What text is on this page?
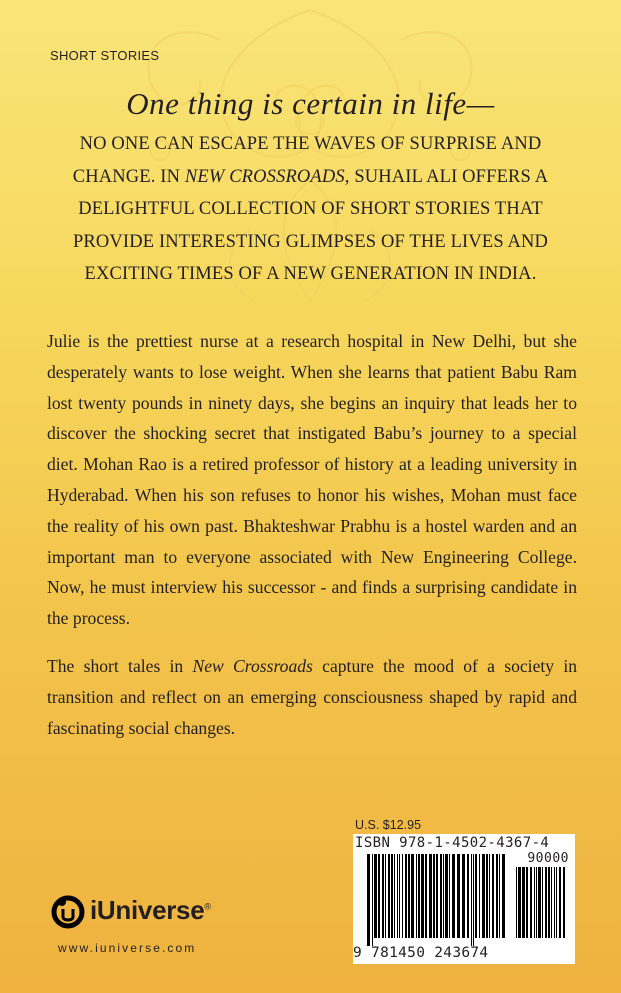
SHORT STORIES
One thing is certain in life—
NO ONE CAN ESCAPE THE WAVES OF SURPRISE AND CHANGE. IN NEW CROSSROADS, SUHAIL ALI OFFERS A DELIGHTFUL COLLECTION OF SHORT STORIES THAT PROVIDE INTERESTING GLIMPSES OF THE LIVES AND EXCITING TIMES OF A NEW GENERATION IN INDIA.
Julie is the prettiest nurse at a research hospital in New Delhi, but she desperately wants to lose weight. When she learns that patient Babu Ram lost twenty pounds in ninety days, she begins an inquiry that leads her to discover the shocking secret that instigated Babu’s journey to a special diet. Mohan Rao is a retired professor of history at a leading university in Hyderabad. When his son refuses to honor his wishes, Mohan must face the reality of his own past. Bhakteshwar Prabhu is a hostel warden and an important man to everyone associated with New Engineering College. Now, he must interview his successor - and finds a surprising candidate in the process.
The short tales in New Crossroads capture the mood of a society in transition and reflect on an emerging consciousness shaped by rapid and fascinating social changes.
U.S. $12.95
ISBN 978-1-4502-4367-4
90000
9 781450 243674
iUniverse®
www.iuniverse.com
